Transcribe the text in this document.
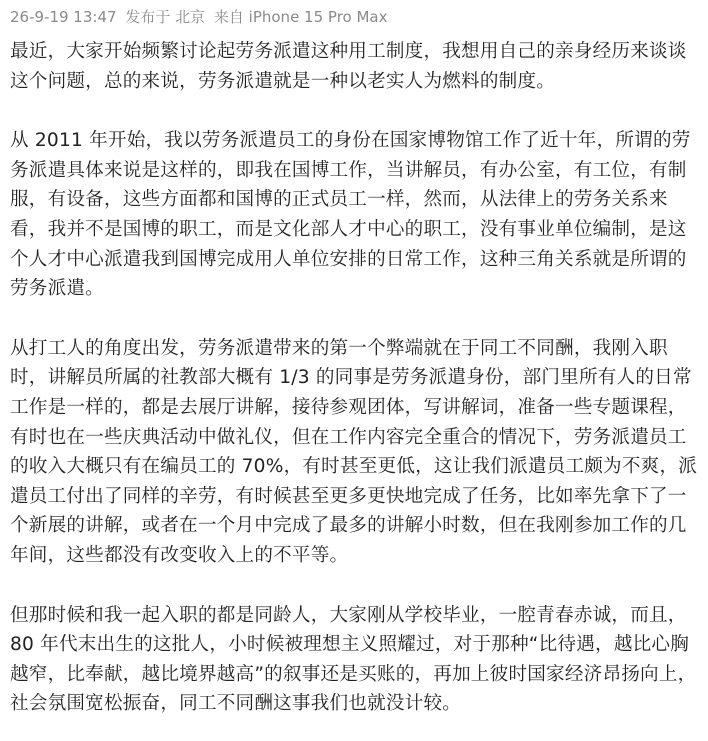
26-9-19 13:47 发布于 北京 来自 iPhone 15 Pro Max

最近，大家开始频繁讨论起劳务派遣这种用工制度，我想用自己的亲身经历来谈谈这个问题，总的来说，劳务派遣就是一种以老实人为燃料的制度。

从 2011 年开始，我以劳务派遣员工的身份在国家博物馆工作了近十年，所谓的劳务派遣具体来说是这样的，即我在国博工作，当讲解员，有办公室，有工位，有制服，有设备，这些方面都和国博的正式员工一样，然而，从法律上的劳务关系来看，我并不是国博的职工，而是文化部人才中心的职工，没有事业单位编制，是这个人才中心派遣我到国博完成用人单位安排的日常工作，这种三角关系就是所谓的劳务派遣。

从打工人的角度出发，劳务派遣带来的第一个弊端就在于同工不同酬，我刚入职时，讲解员所属的社教部大概有 1/3 的同事是劳务派遣身份，部门里所有人的日常工作是一样的，都是去展厅讲解，接待参观团体，写讲解词，准备一些专题课程，有时也在一些庆典活动中做礼仪，但在工作内容完全重合的情况下，劳务派遣员工的收入大概只有在编员工的 70%，有时甚至更低，这让我们派遣员工颇为不爽，派遣员工付出了同样的辛劳，有时候甚至更多更快地完成了任务，比如率先拿下了一个新展的讲解，或者在一个月中完成了最多的讲解小时数，但在我刚参加工作的几年间，这些都没有改变收入上的不平等。

但那时候和我一起入职的都是同龄人，大家刚从学校毕业，一腔青春赤诚，而且，80 年代末出生的这批人，小时候被理想主义照耀过，对于那种“比待遇，越比心胸越窄，比奉献，越比境界越高”的叙事还是买账的，再加上彼时国家经济昂扬向上，社会氛围宽松振奋，同工不同酬这事我们也就没计较。
